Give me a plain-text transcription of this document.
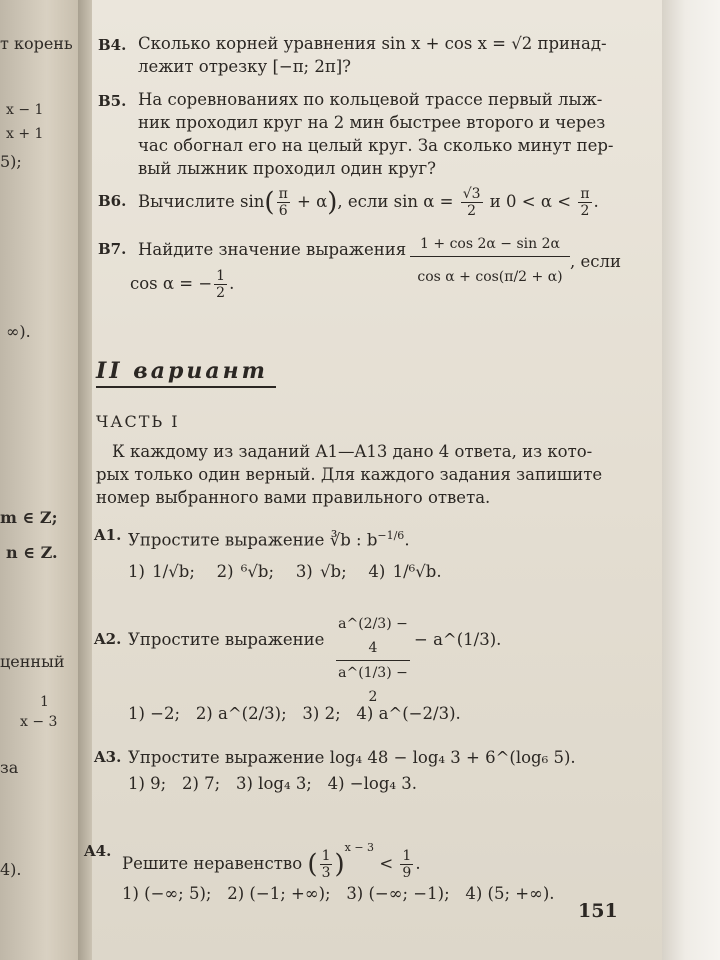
т корень
x − 1
x + 1
5);
∞).
m ∈ Z;
n ∈ Z.
ценный
1
x − 3
за
4).
B4. Сколько корней уравнения sin x + cos x = √2 принад-
лежит отрезку [−π; 2π]?
B5. На соревнованиях по кольцевой трассе первый лыж-
ник проходил круг на 2 мин быстрее второго и через
час обогнал его на целый круг. За сколько минут пер-
вый лыжник проходил один круг?
B6. Вычислите $\sin( \frac{\pi}{6} + \alpha)$, если $\sin \alpha = \frac{√3}{2}$ и $0 < \alpha < \frac{\pi}{2}$ .
B7. Найдите значение выражения $\frac{1 + \cos 2\alpha - \sin 2\alpha}{\text{cos α + cos(π/2 + α)}}$ , если
cos α = − $\frac{1}{2}$ .
II вариант
ЧАСТЬ I
К каждому из заданий A1—A13 дано 4 ответа, из кото-
рых только один верный. Для каждого задания запишите
номер выбранного вами правильного ответа.
A1. Упростите выражение ∛b : $b^{-1/6}$.
1) 1/√b; 2) ⁶√b; 3) √b; 4) 1/⁶√b.
A2. Упростите выражение $\frac{a\^{}(2/3) - 4}{a\^{}(1/3) - 2}$ − a^(1/3).
1) −2; 2) a^(2/3); 3) 2; 4) a^(−2/3).
A3. Упростите выражение log₄ 48 − log₄ 3 + 6^(log₆ 5).
1) 9; 2) 7; 3) log₄ 3; 4) −log₄ 3.
A4.
Решите неравенство ( $\frac{1}{3} )^{x - 3} < \frac{1}{9}$ .
1) (−∞; 5); 2) (−1; +∞); 3) (−∞; −1); 4) (5; +∞).
151
